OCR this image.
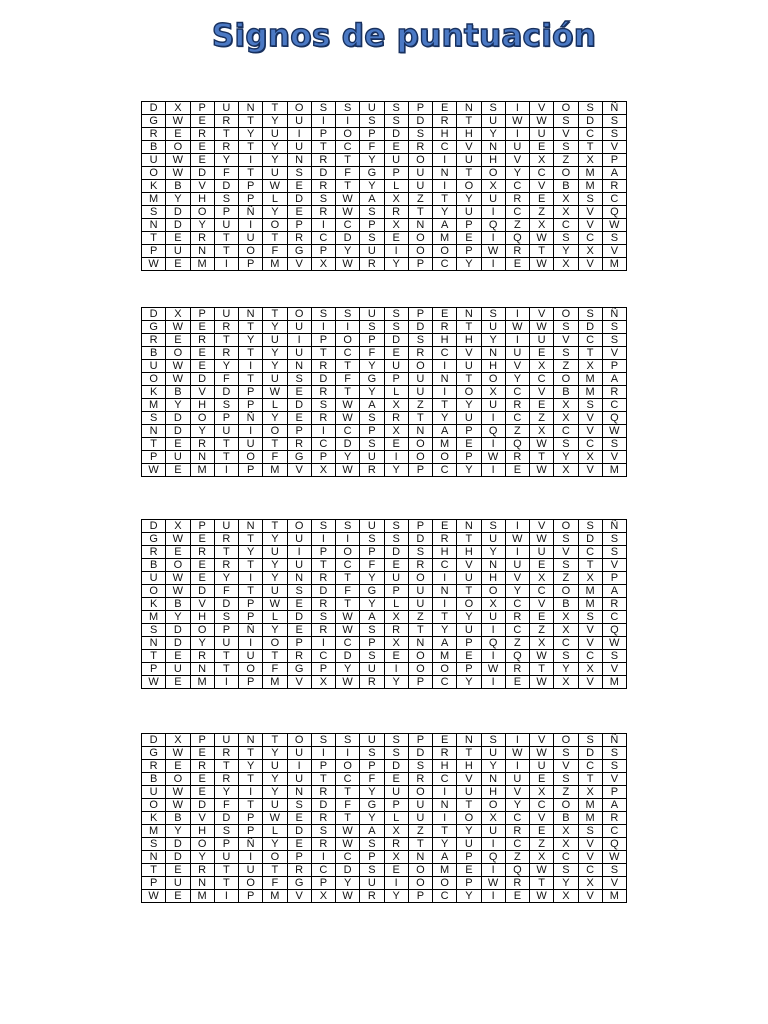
Signos de puntuación
D	X	P	U	N	T	O	S	S	U	S	P	E	N	S	I	V	O	S	Ñ
G	W	E	R	T	Y	U	I	I	S	S	D	R	T	U	W	W	S	D	S
R	E	R	T	Y	U	I	P	O	P	D	S	H	H	Y	I	U	V	C	S
B	O	E	R	T	Y	U	T	C	F	E	R	C	V	N	U	E	S	T	V
U	W	E	Y	I	Y	N	R	T	Y	U	O	I	U	H	V	X	Z	X	P
O	W	D	F	T	U	S	D	F	G	P	U	N	T	O	Y	C	O	M	A
K	B	V	D	P	W	E	R	T	Y	L	U	I	O	X	C	V	B	M	R
M	Y	H	S	P	L	D	S	W	A	X	Z	T	Y	U	R	E	X	S	C
S	D	O	P	Ñ	Y	E	R	W	S	R	T	Y	U	I	C	Z	X	V	Q
N	D	Y	U	I	O	P	I	C	P	X	N	A	P	Q	Z	X	C	V	W
T	E	R	T	U	T	R	C	D	S	E	O	M	E	I	Q	W	S	C	S
P	U	N	T	O	F	G	P	Y	U	I	O	O	P	W	R	T	Y	X	V
W	E	M	I	P	M	V	X	W	R	Y	P	C	Y	I	E	W	X	V	M
D	X	P	U	N	T	O	S	S	U	S	P	E	N	S	I	V	O	S	Ñ
G	W	E	R	T	Y	U	I	I	S	S	D	R	T	U	W	W	S	D	S
R	E	R	T	Y	U	I	P	O	P	D	S	H	H	Y	I	U	V	C	S
B	O	E	R	T	Y	U	T	C	F	E	R	C	V	N	U	E	S	T	V
U	W	E	Y	I	Y	N	R	T	Y	U	O	I	U	H	V	X	Z	X	P
O	W	D	F	T	U	S	D	F	G	P	U	N	T	O	Y	C	O	M	A
K	B	V	D	P	W	E	R	T	Y	L	U	I	O	X	C	V	B	M	R
M	Y	H	S	P	L	D	S	W	A	X	Z	T	Y	U	R	E	X	S	C
S	D	O	P	Ñ	Y	E	R	W	S	R	T	Y	U	I	C	Z	X	V	Q
N	D	Y	U	I	O	P	I	C	P	X	N	A	P	Q	Z	X	C	V	W
T	E	R	T	U	T	R	C	D	S	E	O	M	E	I	Q	W	S	C	S
P	U	N	T	O	F	G	P	Y	U	I	O	O	P	W	R	T	Y	X	V
W	E	M	I	P	M	V	X	W	R	Y	P	C	Y	I	E	W	X	V	M
D	X	P	U	N	T	O	S	S	U	S	P	E	N	S	I	V	O	S	Ñ
G	W	E	R	T	Y	U	I	I	S	S	D	R	T	U	W	W	S	D	S
R	E	R	T	Y	U	I	P	O	P	D	S	H	H	Y	I	U	V	C	S
B	O	E	R	T	Y	U	T	C	F	E	R	C	V	N	U	E	S	T	V
U	W	E	Y	I	Y	N	R	T	Y	U	O	I	U	H	V	X	Z	X	P
O	W	D	F	T	U	S	D	F	G	P	U	N	T	O	Y	C	O	M	A
K	B	V	D	P	W	E	R	T	Y	L	U	I	O	X	C	V	B	M	R
M	Y	H	S	P	L	D	S	W	A	X	Z	T	Y	U	R	E	X	S	C
S	D	O	P	Ñ	Y	E	R	W	S	R	T	Y	U	I	C	Z	X	V	Q
N	D	Y	U	I	O	P	I	C	P	X	N	A	P	Q	Z	X	C	V	W
T	E	R	T	U	T	R	C	D	S	E	O	M	E	I	Q	W	S	C	S
P	U	N	T	O	F	G	P	Y	U	I	O	O	P	W	R	T	Y	X	V
W	E	M	I	P	M	V	X	W	R	Y	P	C	Y	I	E	W	X	V	M
D	X	P	U	N	T	O	S	S	U	S	P	E	N	S	I	V	O	S	Ñ
G	W	E	R	T	Y	U	I	I	S	S	D	R	T	U	W	W	S	D	S
R	E	R	T	Y	U	I	P	O	P	D	S	H	H	Y	I	U	V	C	S
B	O	E	R	T	Y	U	T	C	F	E	R	C	V	N	U	E	S	T	V
U	W	E	Y	I	Y	N	R	T	Y	U	O	I	U	H	V	X	Z	X	P
O	W	D	F	T	U	S	D	F	G	P	U	N	T	O	Y	C	O	M	A
K	B	V	D	P	W	E	R	T	Y	L	U	I	O	X	C	V	B	M	R
M	Y	H	S	P	L	D	S	W	A	X	Z	T	Y	U	R	E	X	S	C
S	D	O	P	Ñ	Y	E	R	W	S	R	T	Y	U	I	C	Z	X	V	Q
N	D	Y	U	I	O	P	I	C	P	X	N	A	P	Q	Z	X	C	V	W
T	E	R	T	U	T	R	C	D	S	E	O	M	E	I	Q	W	S	C	S
P	U	N	T	O	F	G	P	Y	U	I	O	O	P	W	R	T	Y	X	V
W	E	M	I	P	M	V	X	W	R	Y	P	C	Y	I	E	W	X	V	M
